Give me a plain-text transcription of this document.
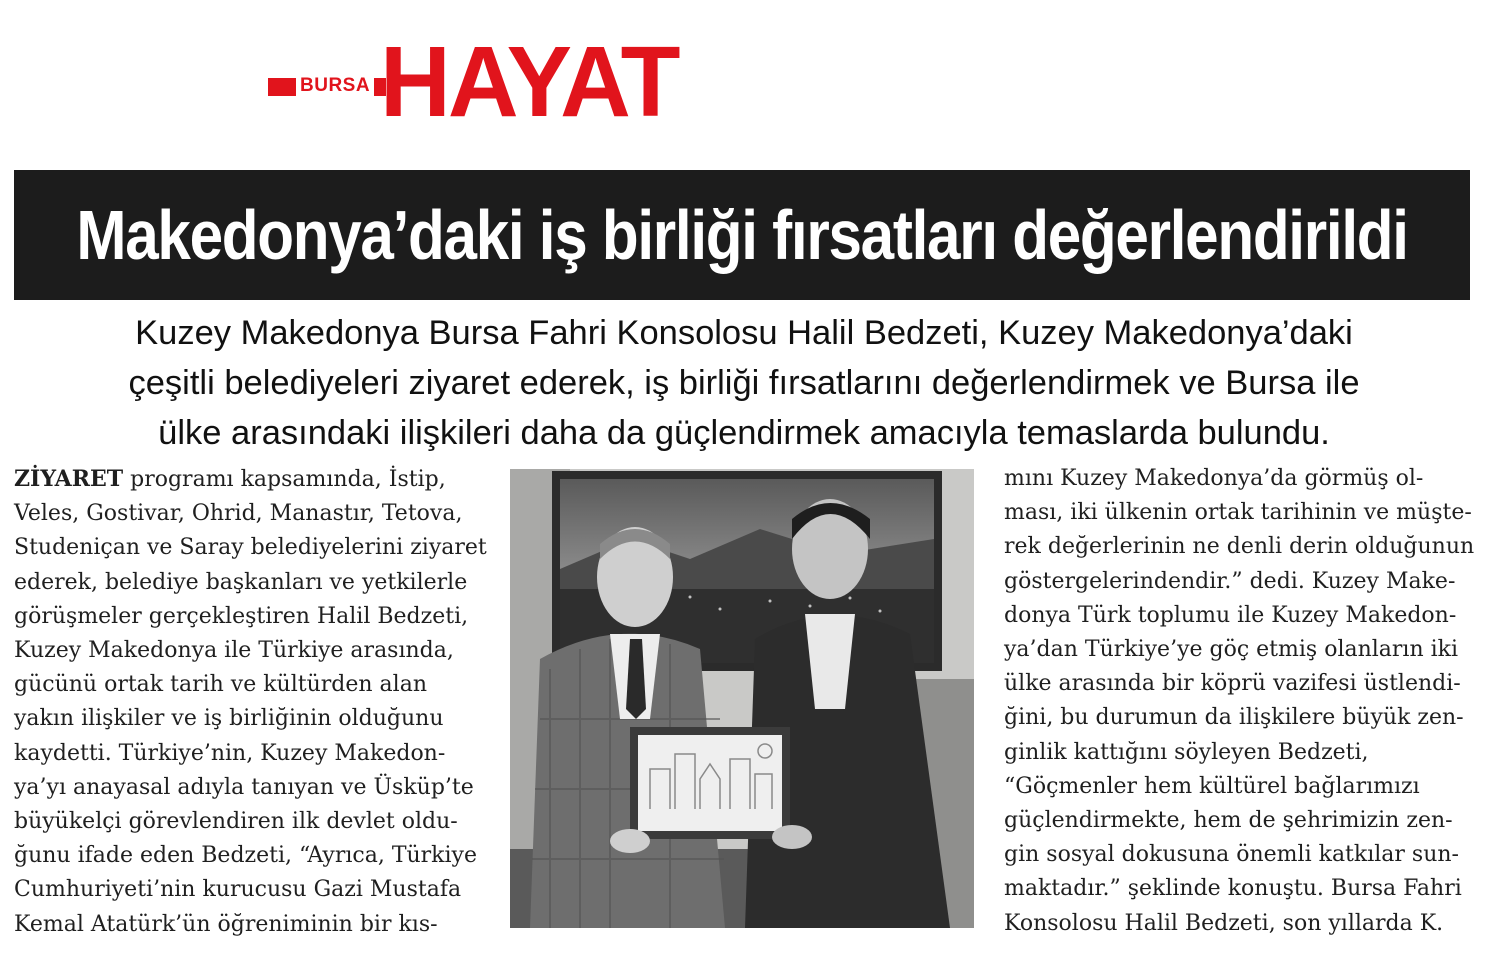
BURSA HAYAT
Makedonya’daki iş birliği fırsatları değerlendirildi
Kuzey Makedonya Bursa Fahri Konsolosu Halil Bedzeti, Kuzey Makedonya’daki
çeşitli belediyeleri ziyaret ederek, iş birliği fırsatlarını değerlendirmek ve Bursa ile
ülke arasındaki ilişkileri daha da güçlendirmek amacıyla temaslarda bulundu.
ZİYARET programı kapsamında, İstip,
Veles, Gostivar, Ohrid, Manastır, Tetova,
Studeniçan ve Saray belediyelerini ziyaret
ederek, belediye başkanları ve yetkilerle
görüşmeler gerçekleştiren Halil Bedzeti,
Kuzey Makedonya ile Türkiye arasında,
gücünü ortak tarih ve kültürden alan
yakın ilişkiler ve iş birliğinin olduğunu
kaydetti. Türkiye’nin, Kuzey Makedon-
ya’yı anayasal adıyla tanıyan ve Üsküp’te
büyükelçi görevlendiren ilk devlet oldu-
ğunu ifade eden Bedzeti, “Ayrıca, Türkiye
Cumhuriyeti’nin kurucusu Gazi Mustafa
Kemal Atatürk’ün öğreniminin bir kıs-
mını Kuzey Makedonya’da görmüş ol-
ması, iki ülkenin ortak tarihinin ve müşte-
rek değerlerinin ne denli derin olduğunun
göstergelerindendir.” dedi. Kuzey Make-
donya Türk toplumu ile Kuzey Makedon-
ya’dan Türkiye’ye göç etmiş olanların iki
ülke arasında bir köprü vazifesi üstlendi-
ğini, bu durumun da ilişkilere büyük zen-
ginlik kattığını söyleyen Bedzeti,
“Göçmenler hem kültürel bağlarımızı
güçlendirmekte, hem de şehrimizin zen-
gin sosyal dokusuna önemli katkılar sun-
maktadır.” şeklinde konuştu. Bursa Fahri
Konsolosu Halil Bedzeti, son yıllarda K.
